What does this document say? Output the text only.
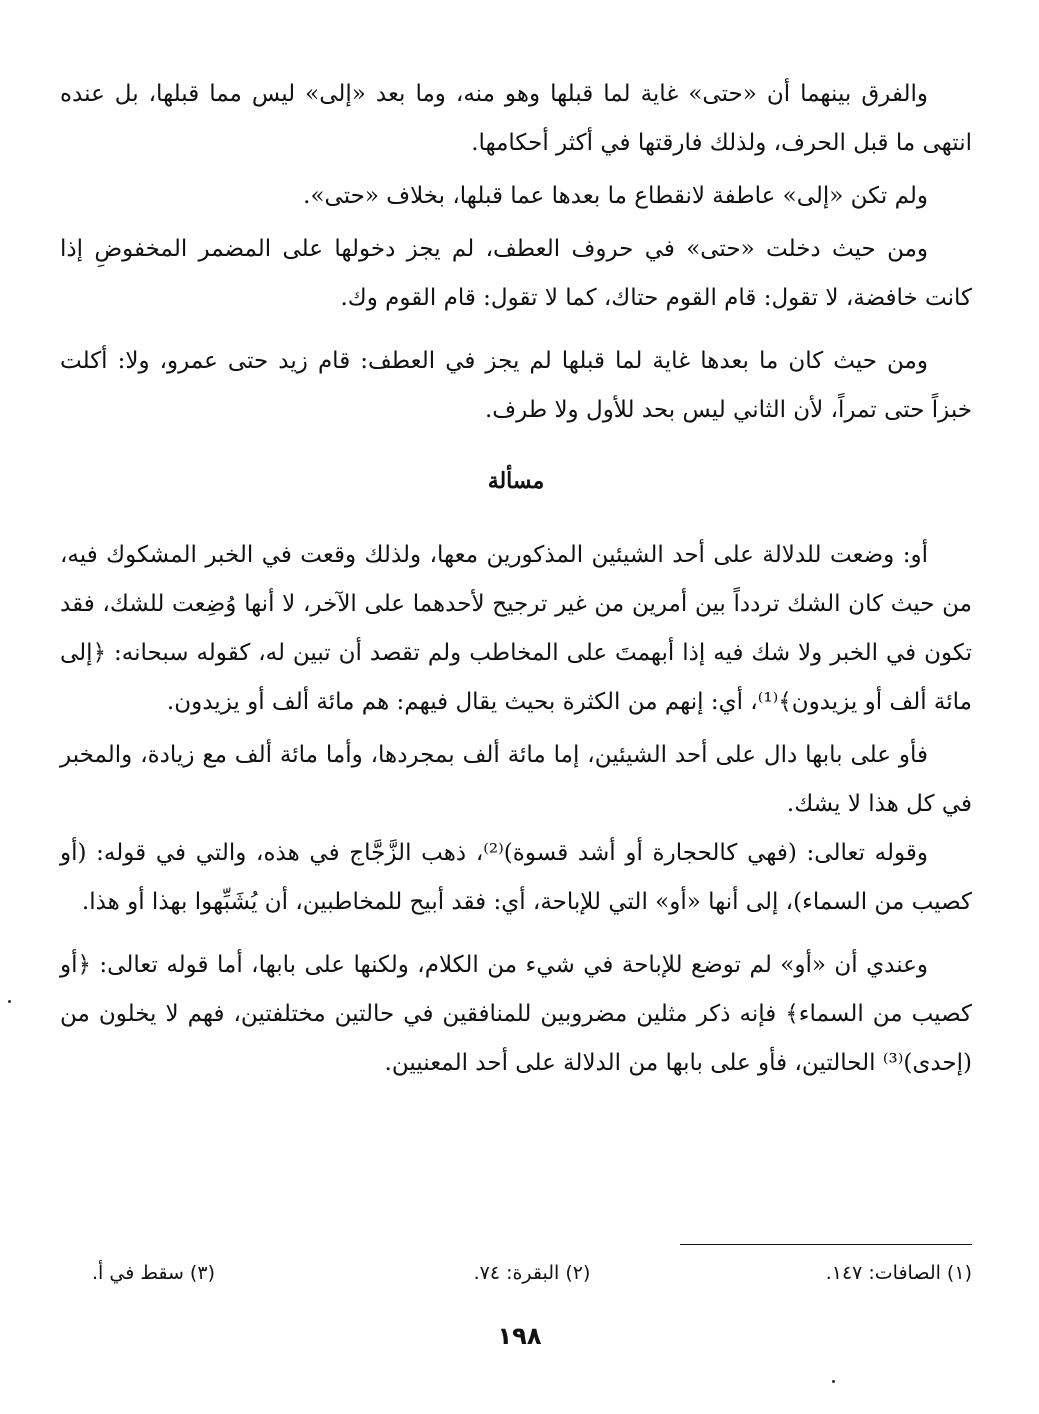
والفرق بينهما أن «حتى» غاية لما قبلها وهو منه، وما بعد «إلى» ليس مما قبلها، بل عنده انتهى ما قبل الحرف، ولذلك فارقتها في أكثر أحكامها.

ولم تكن «إلى» عاطفة لانقطاع ما بعدها عما قبلها، بخلاف «حتى».

ومن حيث دخلت «حتى» في حروف العطف، لم يجز دخولها على المضمر المخفوضِ إذا كانت خافضة، لا تقول: قام القوم حتاك، كما لا تقول: قام القوم وك.

ومن حيث كان ما بعدها غاية لما قبلها لم يجز في العطف: قام زيد حتى عمرو، ولا: أكلت خبزاً حتى تمراً، لأن الثاني ليس بحد للأول ولا طرف.

مسألة

أو: وضعت للدلالة على أحد الشيئين المذكورين معها، ولذلك وقعت في الخبر المشكوك فيه، من حيث كان الشك تردداً بين أمرين من غير ترجيح لأحدهما على الآخر، لا أنها وُضِعت للشك، فقد تكون في الخبر ولا شك فيه إذا أبهمتَ على المخاطب ولم تقصد أن تبين له، كقوله سبحانه: ﴿إلى مائة ألف أو يزيدون﴾⁽¹⁾، أي: إنهم من الكثرة بحيث يقال فيهم: هم مائة ألف أو يزيدون.

فأو على بابها دال على أحد الشيئين، إما مائة ألف بمجردها، وأما مائة ألف مع زيادة، والمخبر في كل هذا لا يشك.

وقوله تعالى: (فهي كالحجارة أو أشد قسوة)⁽²⁾، ذهب الزَّجَّاج في هذه، والتي في قوله: (أو كصيب من السماء)، إلى أنها «أو» التي للإباحة، أي: فقد أبيح للمخاطبين، أن يُشَبِّهوا بهذا أو هذا.

وعندي أن «أو» لم توضع للإباحة في شيء من الكلام، ولكنها على بابها، أما قوله تعالى: ﴿أو كصيب من السماء﴾ فإنه ذكر مثلين مضروبين للمنافقين في حالتين مختلفتين، فهم لا يخلون من (إحدى)⁽³⁾ الحالتين، فأو على بابها من الدلالة على أحد المعنيين.

(١) الصافات: ١٤٧.
(٢) البقرة: ٧٤.
(٣) سقط في أ.
١٩٨
